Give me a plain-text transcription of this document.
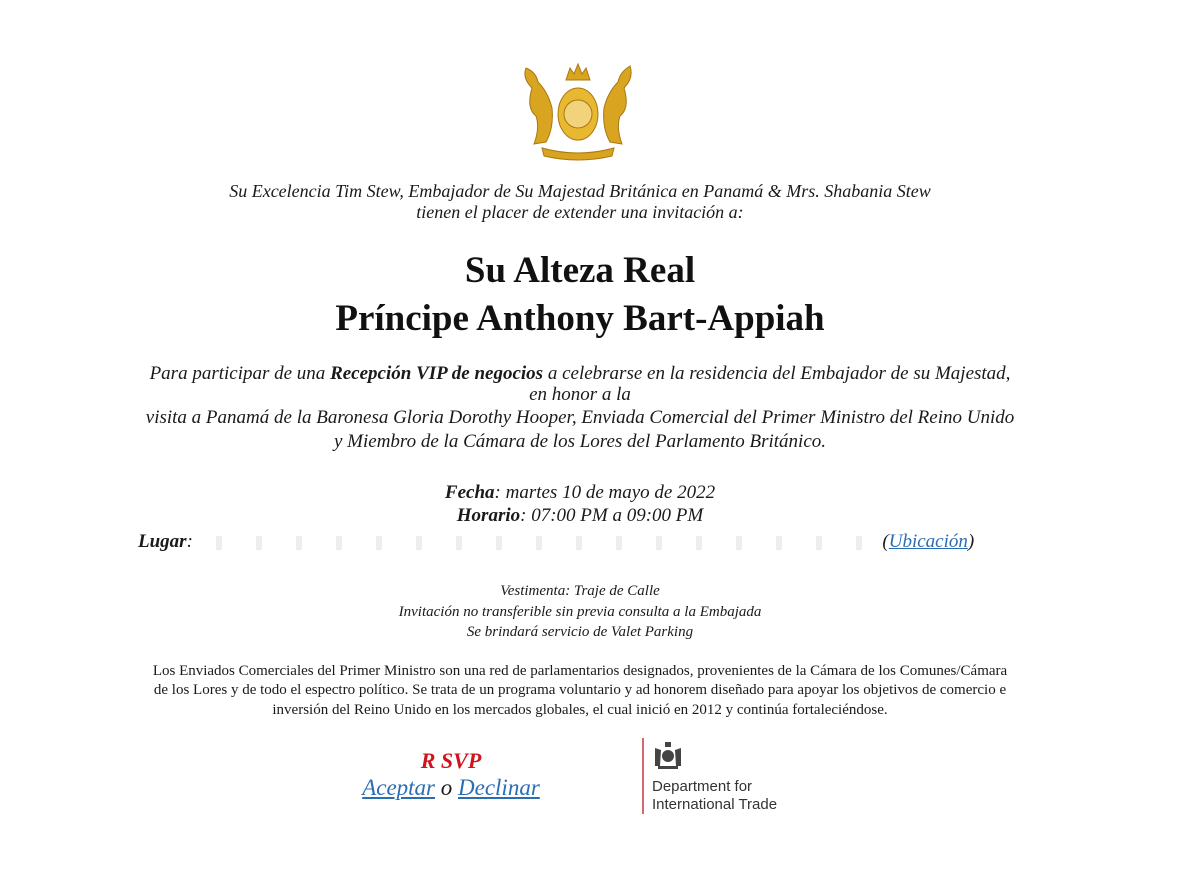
Su Excelencia Tim Stew, Embajador de Su Majestad Británica en Panamá & Mrs. Shabania Stew
tienen el placer de extender una invitación a:
Su Alteza Real
Príncipe Anthony Bart-Appiah
Para participar de una Recepción VIP de negocios a celebrarse en la residencia del Embajador de su Majestad,
en honor a la
visita a Panamá de la Baronesa Gloria Dorothy Hooper, Enviada Comercial del Primer Ministro del Reino Unido
y Miembro de la Cámara de los Lores del Parlamento Británico.
Fecha: martes 10 de mayo de 2022
Horario: 07:00 PM a 09:00 PM
Lugar:	(Ubicación)
Vestimenta: Traje de Calle
Invitación no transferible sin previa consulta a la Embajada
Se brindará servicio de Valet Parking
Los Enviados Comerciales del Primer Ministro son una red de parlamentarios designados, provenientes de la Cámara de los Comunes/Cámara
de los Lores y de todo el espectro político. Se trata de un programa voluntario y ad honorem diseñado para apoyar los objetivos de comercio e
inversión del Reino Unido en los mercados globales, el cual inició en 2012 y continúa fortaleciéndose.
R SVP
Aceptar o Declinar	Department for
International Trade
